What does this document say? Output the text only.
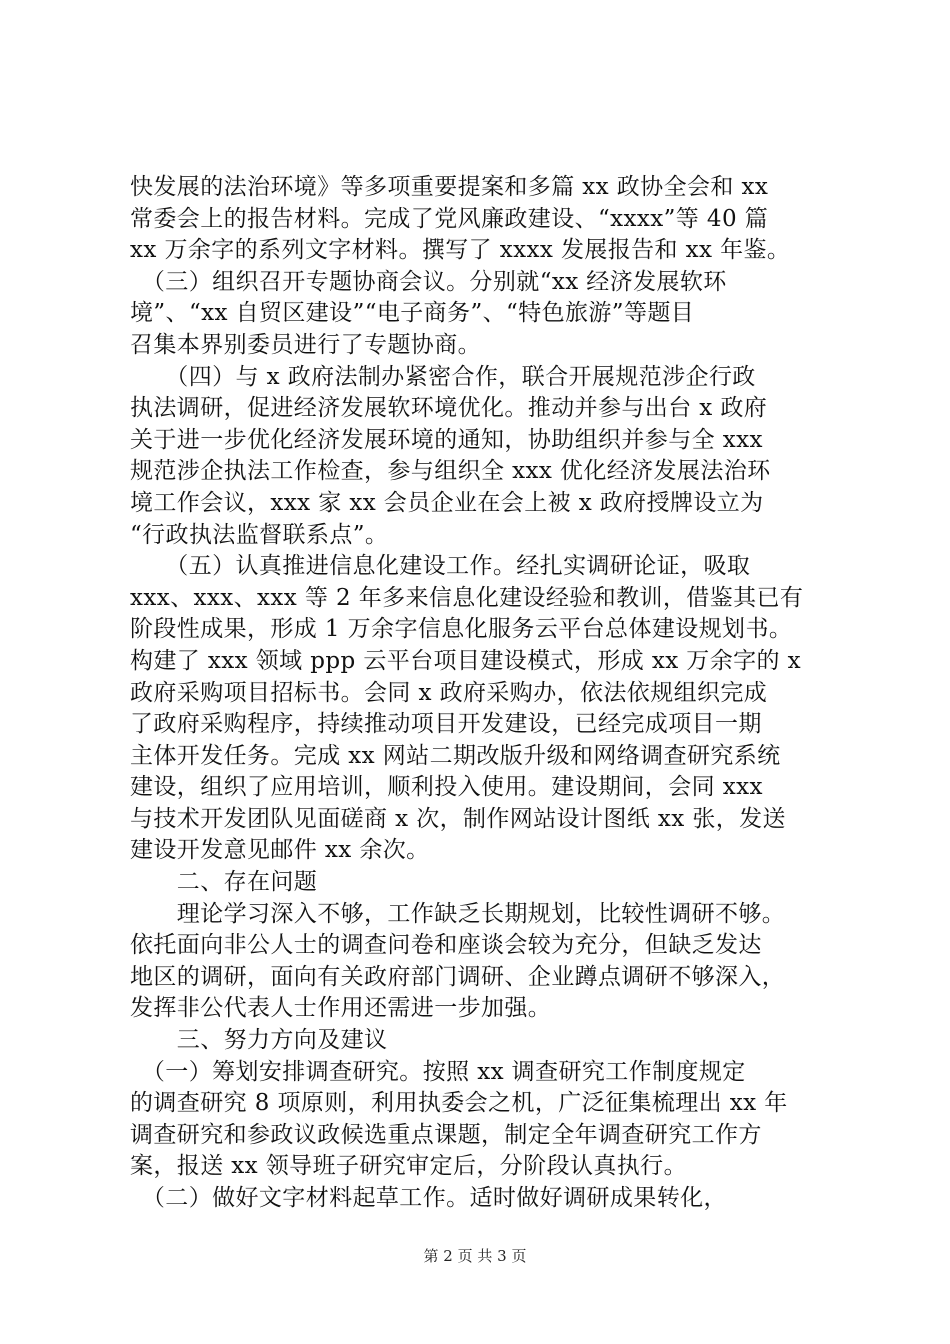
快发展的法治环境》等多项重要提案和多篇 xx 政协全会和 xx
常委会上的报告材料。完成了党风廉政建设、“xxxx”等 40 篇
xx 万余字的系列文字材料。撰写了 xxxx 发展报告和 xx 年鉴。
　（三）组织召开专题协商会议。分别就“xx 经济发展软环
境”、“xx 自贸区建设”“电子商务”、“特色旅游”等题目
召集本界别委员进行了专题协商。
　　（四）与 x 政府法制办紧密合作，联合开展规范涉企行政
执法调研，促进经济发展软环境优化。推动并参与出台 x 政府
关于进一步优化经济发展环境的通知，协助组织并参与全 xxx
规范涉企执法工作检查，参与组织全 xxx 优化经济发展法治环
境工作会议，xxx 家 xx 会员企业在会上被 x 政府授牌设立为
“行政执法监督联系点”。
　　（五）认真推进信息化建设工作。经扎实调研论证，吸取
xxx、xxx、xxx 等 2 年多来信息化建设经验和教训，借鉴其已有
阶段性成果，形成 1 万余字信息化服务云平台总体建设规划书。
构建了 xxx 领域 ppp 云平台项目建设模式，形成 xx 万余字的 x
政府采购项目招标书。会同 x 政府采购办，依法依规组织完成
了政府采购程序，持续推动项目开发建设，已经完成项目一期
主体开发任务。完成 xx 网站二期改版升级和网络调查研究系统
建设，组织了应用培训，顺利投入使用。建设期间，会同 xxx
与技术开发团队见面磋商 x 次，制作网站设计图纸 xx 张，发送
建设开发意见邮件 xx 余次。
　　二、存在问题
　　理论学习深入不够，工作缺乏长期规划，比较性调研不够。
依托面向非公人士的调查问卷和座谈会较为充分，但缺乏发达
地区的调研，面向有关政府部门调研、企业蹲点调研不够深入，
发挥非公代表人士作用还需进一步加强。
　　三、努力方向及建议
　（一）筹划安排调查研究。按照 xx 调查研究工作制度规定
的调查研究 8 项原则，利用执委会之机，广泛征集梳理出 xx 年
调查研究和参政议政候选重点课题，制定全年调查研究工作方
案，报送 xx 领导班子研究审定后，分阶段认真执行。
　（二）做好文字材料起草工作。适时做好调研成果转化，
第 2 页 共 3 页
